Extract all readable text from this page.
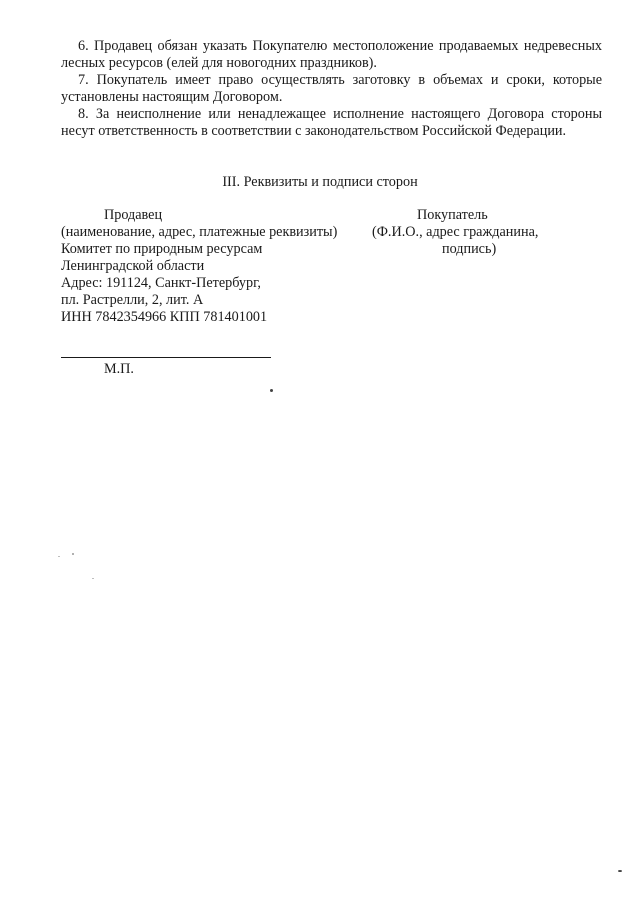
6. Продавец обязан указать Покупателю местоположение продаваемых недревесных лесных ресурсов (елей для новогодних праздников).
7. Покупатель имеет право осуществлять заготовку в объемах и сроки, которые установлены настоящим Договором.
8. За неисполнение или ненадлежащее исполнение настоящего Договора стороны несут ответственность в соответствии с законодательством Российской Федерации.
III. Реквизиты и подписи сторон
Продавец
(наименование, адрес, платежные реквизиты)
Комитет по природным ресурсам
Ленинградской области
Адрес: 191124, Санкт-Петербург,
пл. Растрелли, 2, лит. А
ИНН 7842354966 КПП 781401001
Покупатель
(Ф.И.О., адрес гражданина,
подпись)
М.П.
